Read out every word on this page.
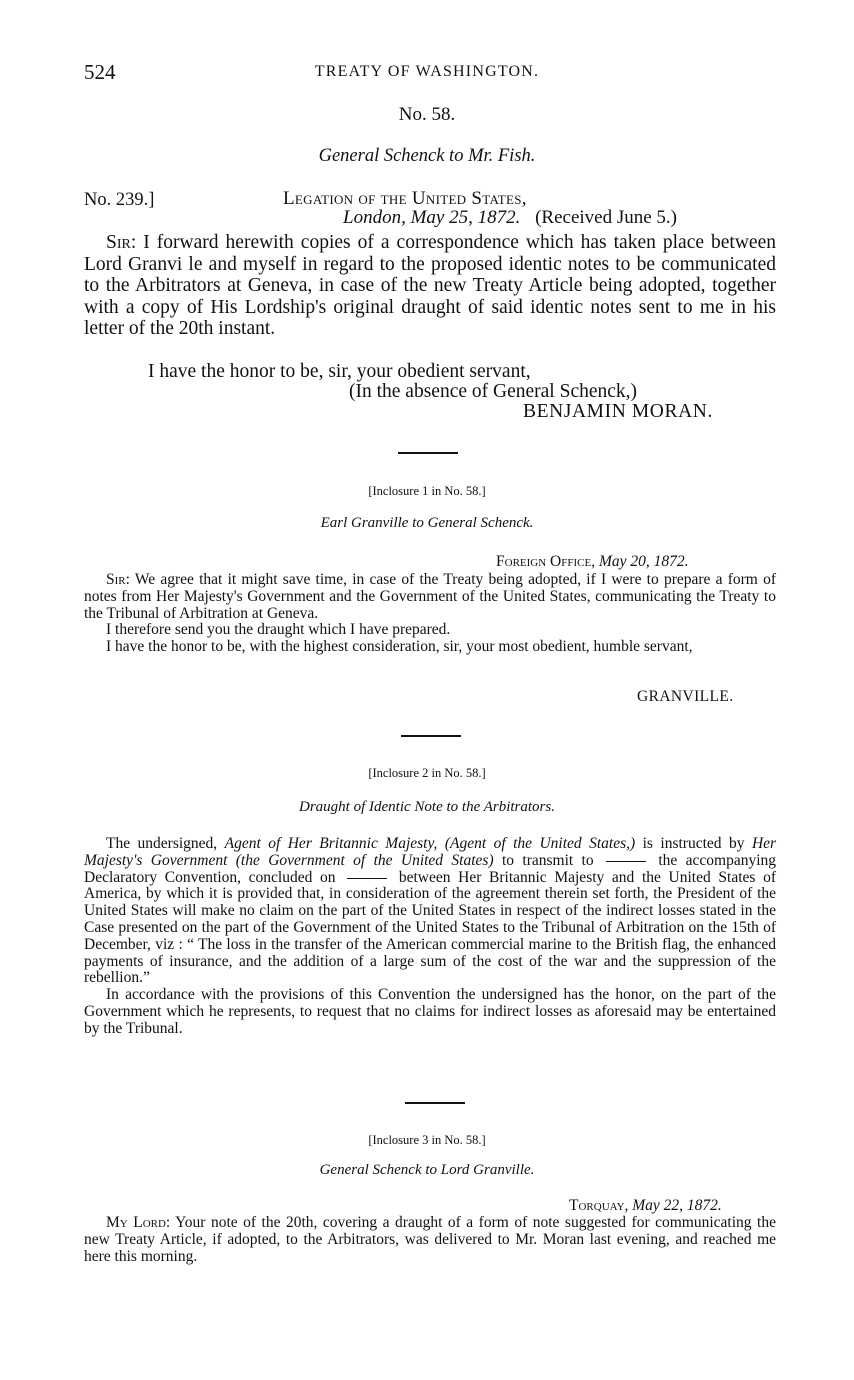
524	TREATY OF WASHINGTON.
No. 58.
General Schenck to Mr. Fish.
No. 239.]	Legation of the United States,
London, May 25, 1872. (Received June 5.)

Sir: I forward herewith copies of a correspondence which has taken place between Lord Granvi le and myself in regard to the proposed identic notes to be communicated to the Arbitrators at Geneva, in case of the new Treaty Article being adopted, together with a copy of His Lordship's original draught of said identic notes sent to me in his letter of the 20th instant.

I have the honor to be, sir, your obedient servant,
(In the absence of General Schenck,)
BENJAMIN MORAN.
[Inclosure 1 in No. 58.]
Earl Granville to General Schenck.
Foreign Office, May 20, 1872.

Sir: We agree that it might save time, in case of the Treaty being adopted, if I were to prepare a form of notes from Her Majesty's Government and the Government of the United States, communicating the Treaty to the Tribunal of Arbitration at Geneva.

I therefore send you the draught which I have prepared.

I have the honor to be, with the highest consideration, sir, your most obedient, humble servant,

GRANVILLE.
[Inclosure 2 in No. 58.]
Draught of Identic Note to the Arbitrators.

The undersigned, Agent of Her Britannic Majesty, (Agent of the United States,) is instructed by Her Majesty's Government (the Government of the United States) to transmit to	the accompanying Declaratory Convention, concluded on	between Her Britannic Majesty and the United States of America, by which it is provided that, in consideration of the agreement therein set forth, the President of the United States will make no claim on the part of the United States in respect of the indirect losses stated in the Case presented on the part of the Government of the United States to the Tribunal of Arbitration on the 15th of December, viz : “ The loss in the transfer of the American commercial marine to the British flag, the enhanced payments of insurance, and the addition of a large sum of the cost of the war and the suppression of the rebellion.”

In accordance with the provisions of this Convention the undersigned has the honor, on the part of the Government which he represents, to request that no claims for indirect losses as aforesaid may be entertained by the Tribunal.

[Inclosure 3 in No. 58.]
General Schenck to Lord Granville.
Torquay, May 22, 1872.

My Lord: Your note of the 20th, covering a draught of a form of note suggested for communicating the new Treaty Article, if adopted, to the Arbitrators, was delivered to Mr. Moran last evening, and reached me here this morning.
